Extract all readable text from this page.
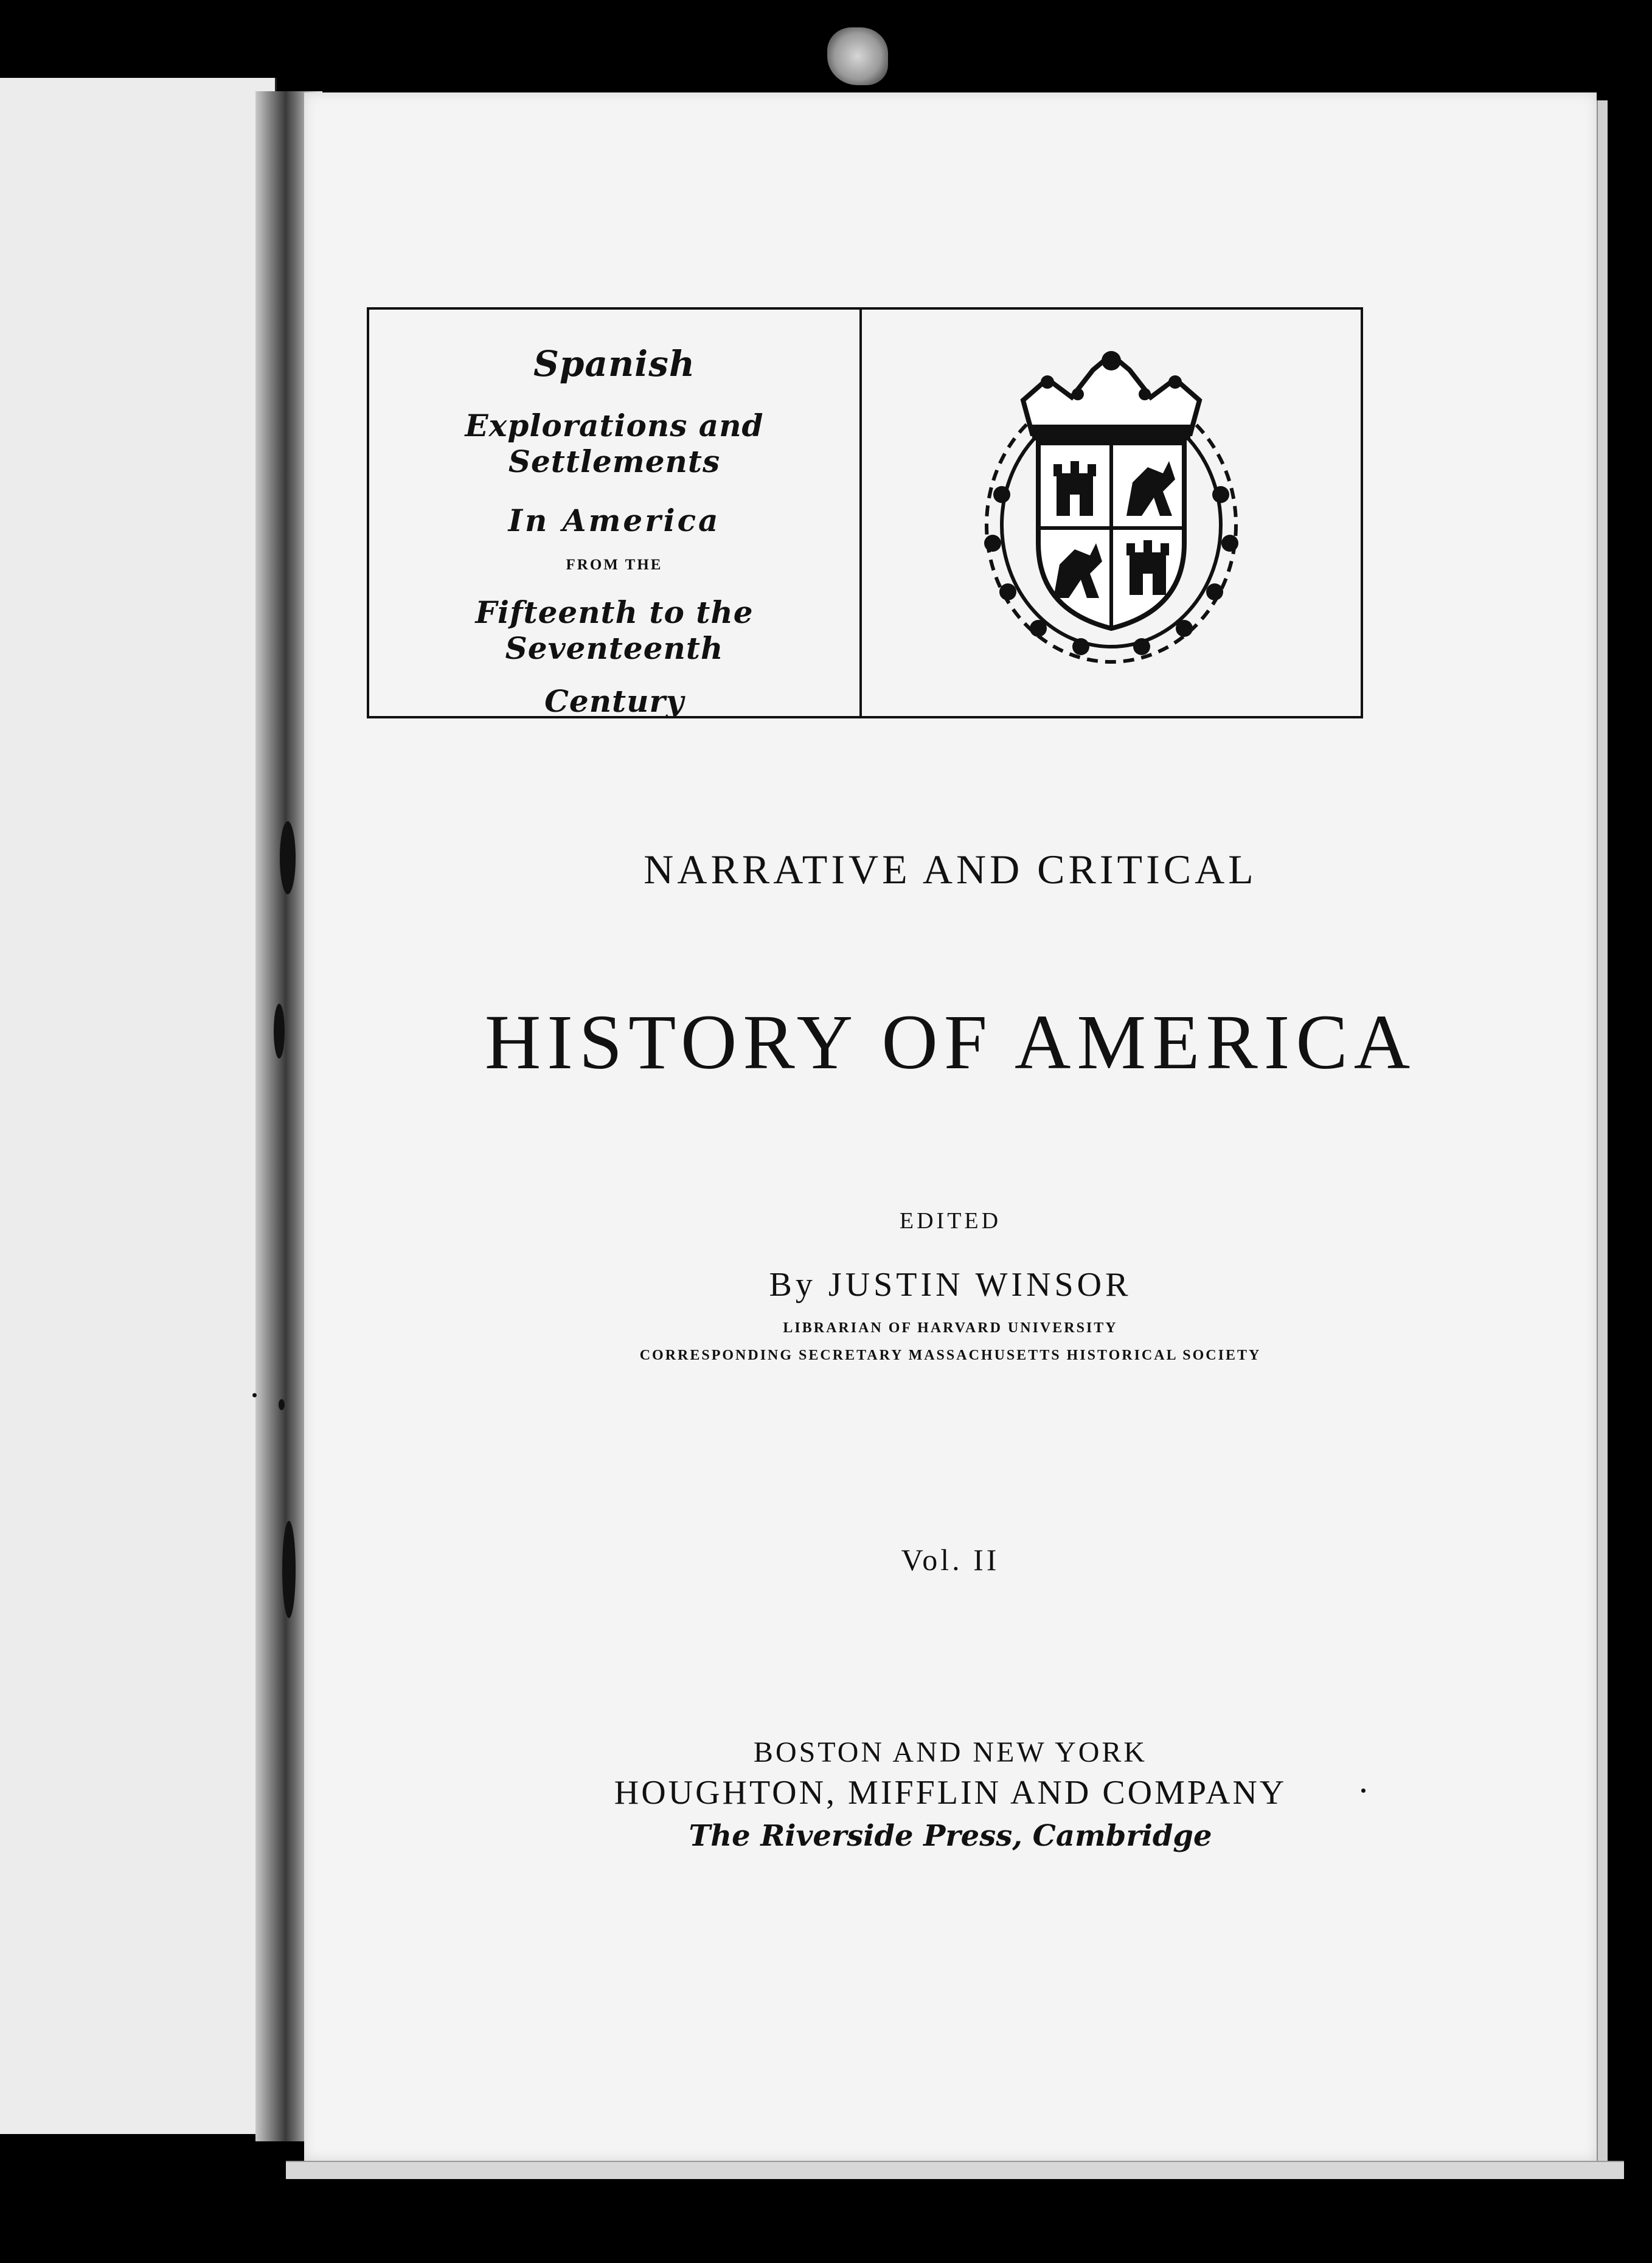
Spanish
Explorations and Settlements
In America
FROM THE
Fifteenth to the Seventeenth
Century
NARRATIVE AND CRITICAL
HISTORY OF AMERICA
EDITED
By JUSTIN WINSOR
LIBRARIAN OF HARVARD UNIVERSITY
CORRESPONDING SECRETARY MASSACHUSETTS HISTORICAL SOCIETY
Vol. II
BOSTON AND NEW YORK
HOUGHTON, MIFFLIN AND COMPANY
The Riverside Press, Cambridge
